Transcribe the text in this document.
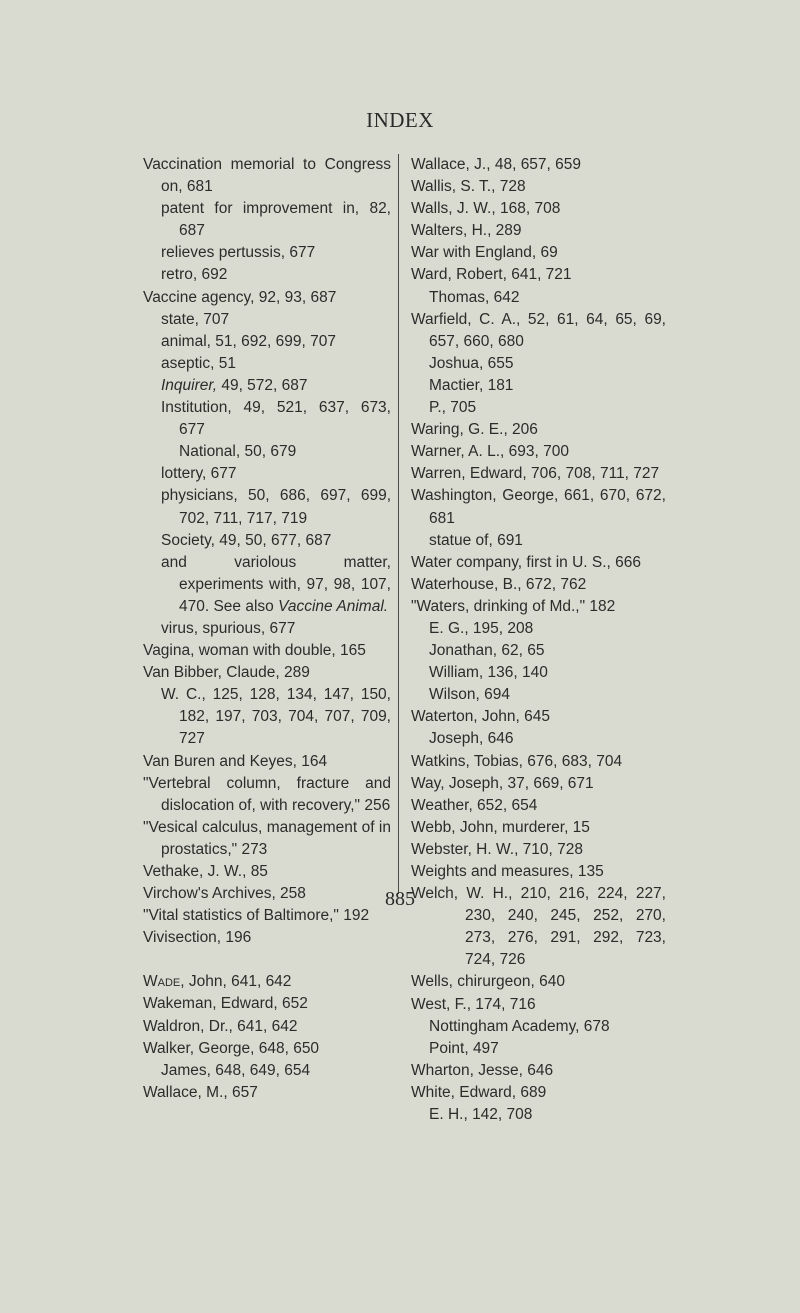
INDEX
Vaccination memorial to Congress on, 681
patent for improvement in, 82, 687
relieves pertussis, 677
retro, 692
Vaccine agency, 92, 93, 687
state, 707
animal, 51, 692, 699, 707
aseptic, 51
Inquirer, 49, 572, 687
Institution, 49, 521, 637, 673, 677
National, 50, 679
lottery, 677
physicians, 50, 686, 697, 699, 702, 711, 717, 719
Society, 49, 50, 677, 687
and variolous matter, experiments with, 97, 98, 107, 470. See also Vaccine Animal.
virus, spurious, 677
Vagina, woman with double, 165
Van Bibber, Claude, 289
W. C., 125, 128, 134, 147, 150, 182, 197, 703, 704, 707, 709, 727
Van Buren and Keyes, 164
"Vertebral column, fracture and dislocation of, with recovery," 256
"Vesical calculus, management of in prostatics," 273
Vethake, J. W., 85
Virchow's Archives, 258
"Vital statistics of Baltimore," 192
Vivisection, 196
Wade, John, 641, 642
Wakeman, Edward, 652
Waldron, Dr., 641, 642
Walker, George, 648, 650
James, 648, 649, 654
Wallace, M., 657
Wallace, J., 48, 657, 659
Wallis, S. T., 728
Walls, J. W., 168, 708
Walters, H., 289
War with England, 69
Ward, Robert, 641, 721
Thomas, 642
Warfield, C. A., 52, 61, 64, 65, 69, 657, 660, 680
Joshua, 655
Mactier, 181
P., 705
Waring, G. E., 206
Warner, A. L., 693, 700
Warren, Edward, 706, 708, 711, 727
Washington, George, 661, 670, 672, 681
statue of, 691
Water company, first in U. S., 666
Waterhouse, B., 672, 762
"Waters, drinking of Md.," 182
E. G., 195, 208
Jonathan, 62, 65
William, 136, 140
Wilson, 694
Waterton, John, 645
Joseph, 646
Watkins, Tobias, 676, 683, 704
Way, Joseph, 37, 669, 671
Weather, 652, 654
Webb, John, murderer, 15
Webster, H. W., 710, 728
Weights and measures, 135
Welch, W. H., 210, 216, 224, 227, 230, 240, 245, 252, 270, 273, 276, 291, 292, 723, 724, 726
Wells, chirurgeon, 640
West, F., 174, 716
Nottingham Academy, 678
Point, 497
Wharton, Jesse, 646
White, Edward, 689
E. H., 142, 708
885
